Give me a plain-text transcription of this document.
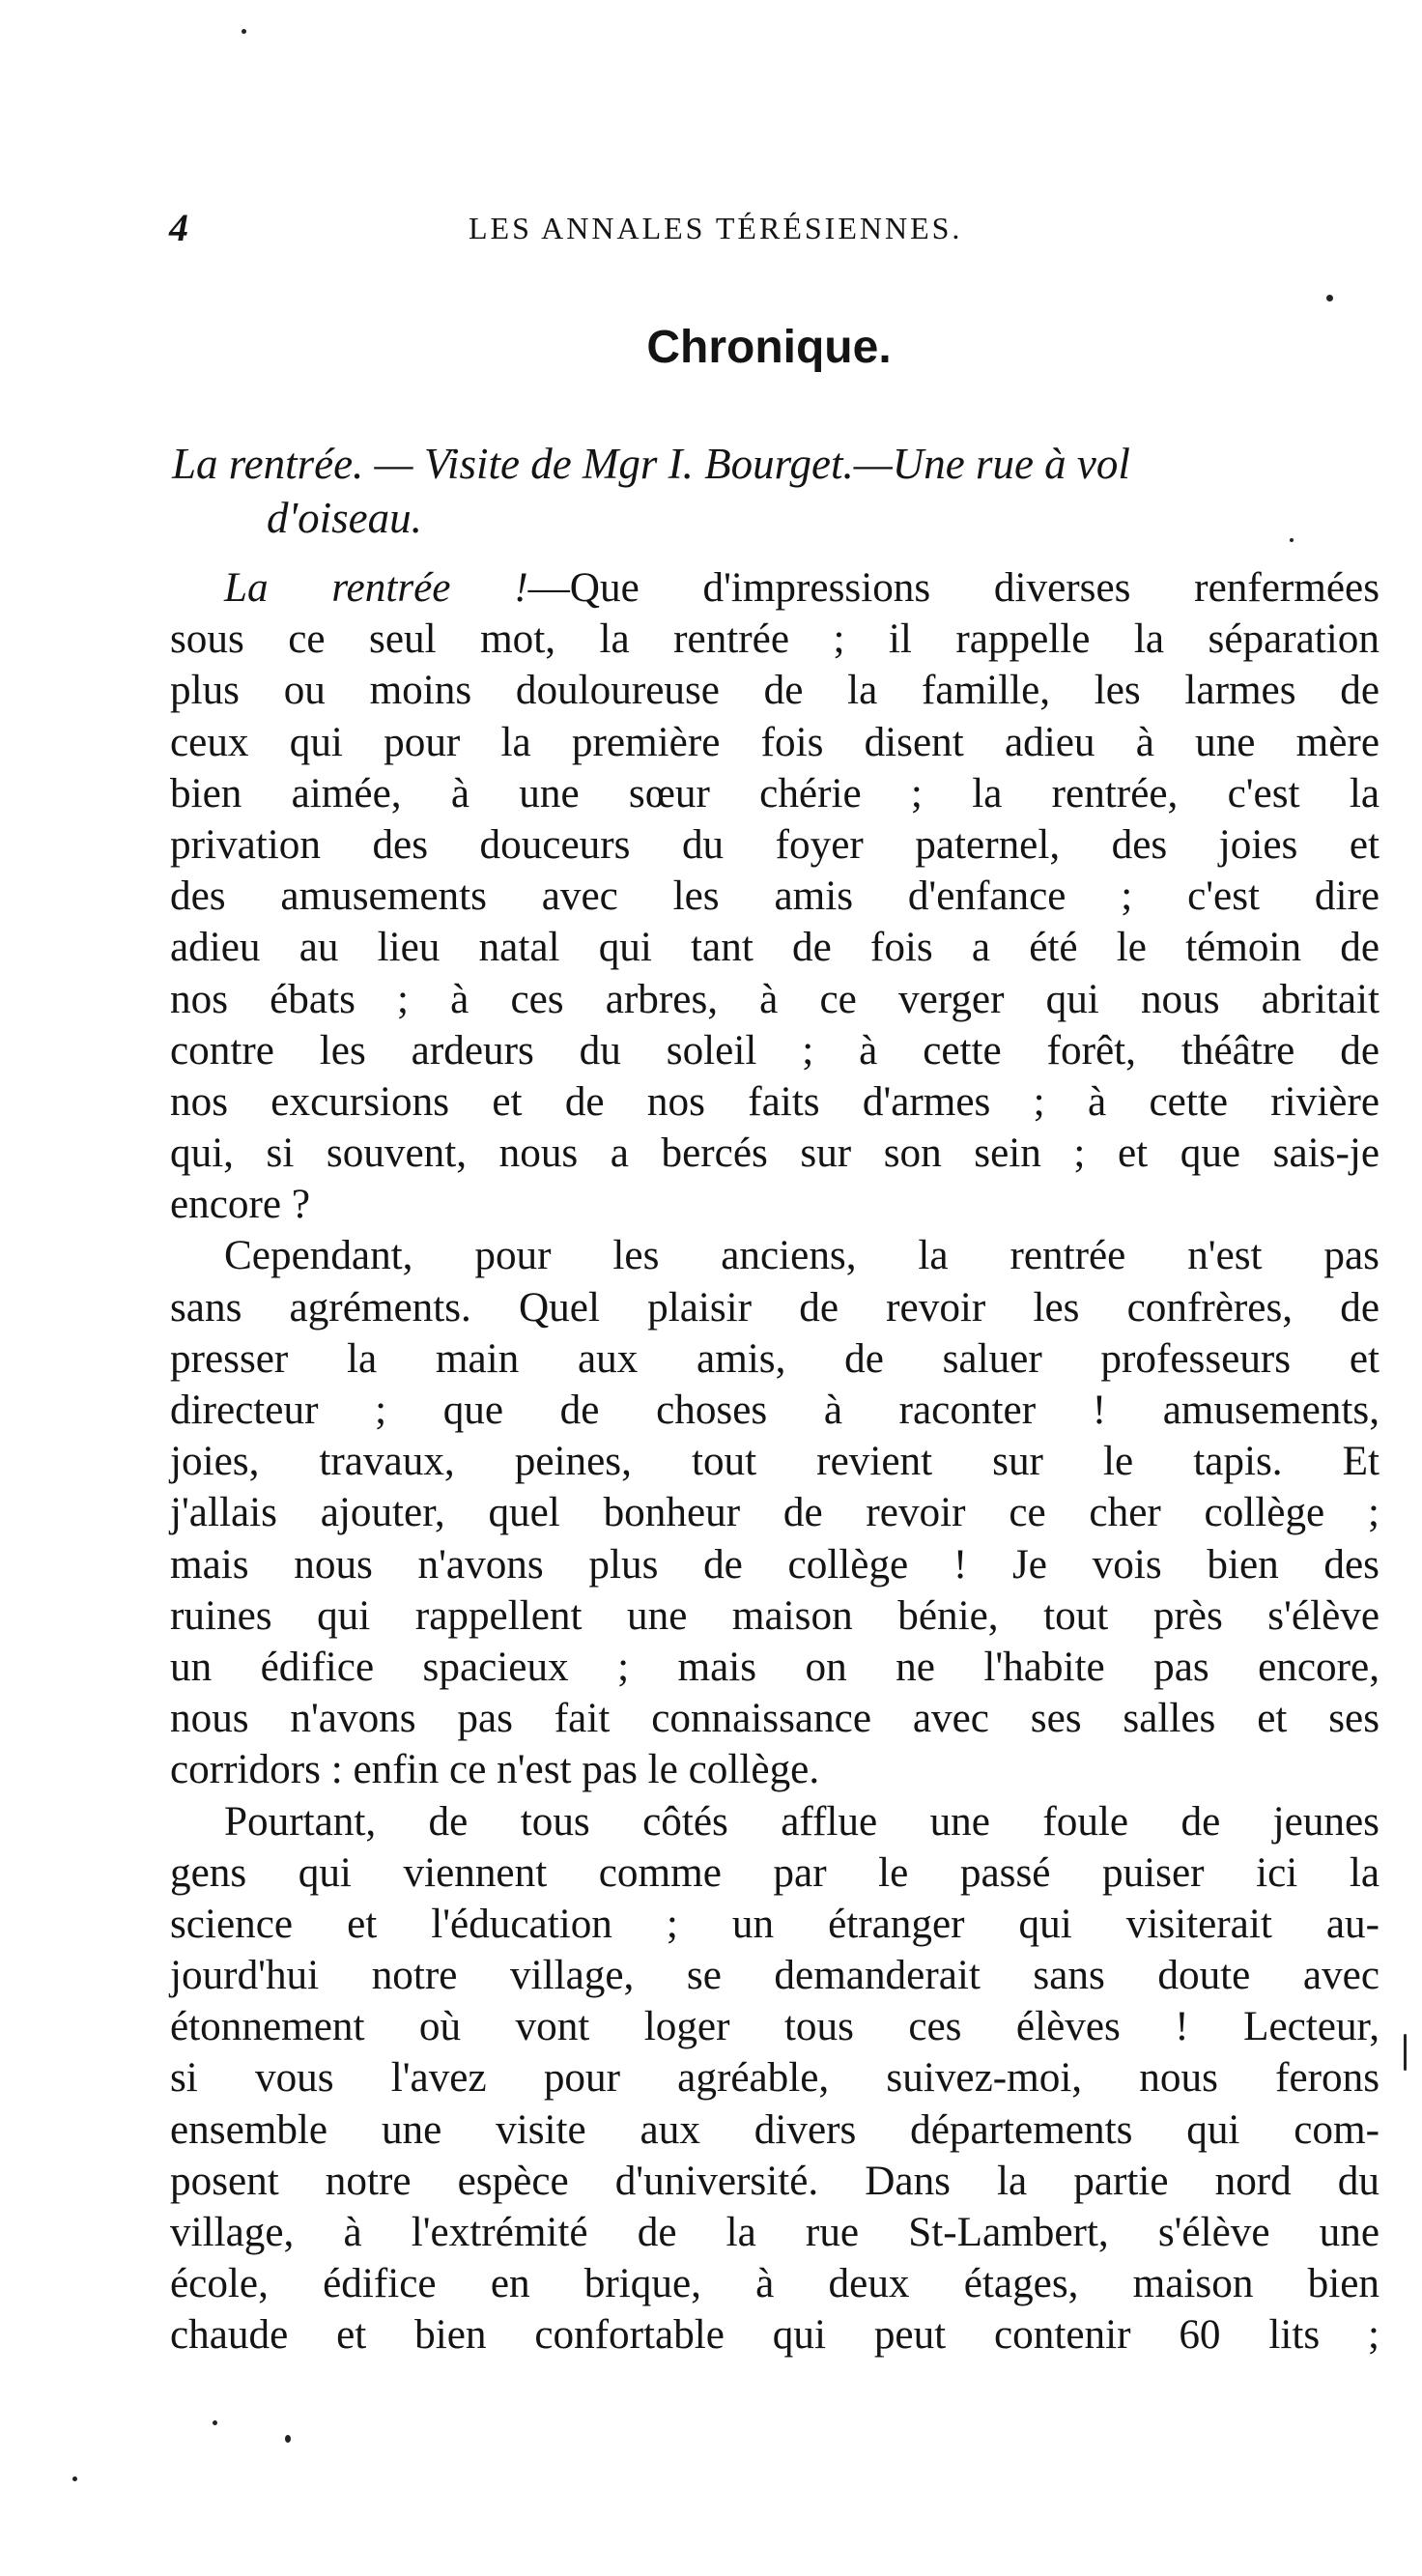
4	LES ANNALES TÉRÉSIENNES.
Chronique.
La rentrée. — Visite de Mgr I. Bourget.—Une rue à vol
d'oiseau.
La rentrée !—Que d'impressions diverses renfermées
sous ce seul mot, la rentrée ; il rappelle la séparation
plus ou moins douloureuse de la famille, les larmes de
ceux qui pour la première fois disent adieu à une mère
bien aimée, à une sœur chérie ; la rentrée, c'est la
privation des douceurs du foyer paternel, des joies et
des amusements avec les amis d'enfance ; c'est dire
adieu au lieu natal qui tant de fois a été le témoin de
nos ébats ; à ces arbres, à ce verger qui nous abritait
contre les ardeurs du soleil ; à cette forêt, théâtre de
nos excursions et de nos faits d'armes ; à cette rivière
qui, si souvent, nous a bercés sur son sein ; et que sais-je
encore ?
Cependant, pour les anciens, la rentrée n'est pas
sans agréments. Quel plaisir de revoir les confrères, de
presser la main aux amis, de saluer professeurs et
directeur ; que de choses à raconter ! amusements,
joies, travaux, peines, tout revient sur le tapis. Et
j'allais ajouter, quel bonheur de revoir ce cher collège ;
mais nous n'avons plus de collège ! Je vois bien des
ruines qui rappellent une maison bénie, tout près s'élève
un édifice spacieux ; mais on ne l'habite pas encore,
nous n'avons pas fait connaissance avec ses salles et ses
corridors : enfin ce n'est pas le collège.
Pourtant, de tous côtés afflue une foule de jeunes
gens qui viennent comme par le passé puiser ici la
science et l'éducation ; un étranger qui visiterait au-
jourd'hui notre village, se demanderait sans doute avec
étonnement où vont loger tous ces élèves ! Lecteur,
si vous l'avez pour agréable, suivez-moi, nous ferons
ensemble une visite aux divers départements qui com-
posent notre espèce d'université. Dans la partie nord du
village, à l'extrémité de la rue St-Lambert, s'élève une
école, édifice en brique, à deux étages, maison bien
chaude et bien confortable qui peut contenir 60 lits ;
